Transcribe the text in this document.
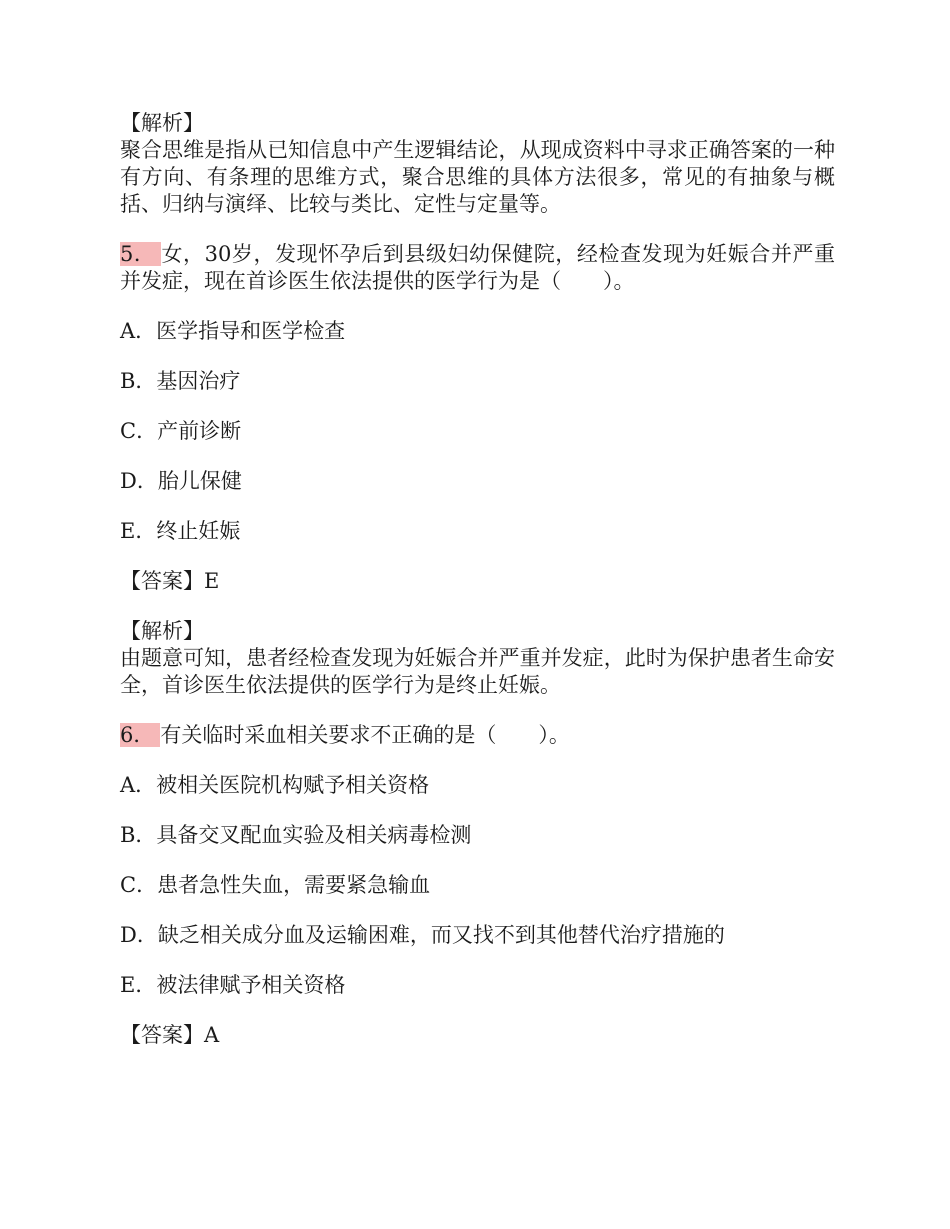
【解析】

聚合思维是指从已知信息中产生逻辑结论，从现成资料中寻求正确答案的一种有方向、有条理的思维方式，聚合思维的具体方法很多，常见的有抽象与概括、归纳与演绎、比较与类比、定性与定量等。

5． 女，30岁，发现怀孕后到县级妇幼保健院，经检查发现为妊娠合并严重并发症，现在首诊医生依法提供的医学行为是（　　）。

A．医学指导和医学检查

B．基因治疗

C．产前诊断

D．胎儿保健

E．终止妊娠

【答案】E

【解析】

由题意可知，患者经检查发现为妊娠合并严重并发症，此时为保护患者生命安全，首诊医生依法提供的医学行为是终止妊娠。

6． 有关临时采血相关要求不正确的是（　　）。

A．被相关医院机构赋予相关资格

B．具备交叉配血实验及相关病毒检测

C．患者急性失血，需要紧急输血

D．缺乏相关成分血及运输困难，而又找不到其他替代治疗措施的

E．被法律赋予相关资格

【答案】A
